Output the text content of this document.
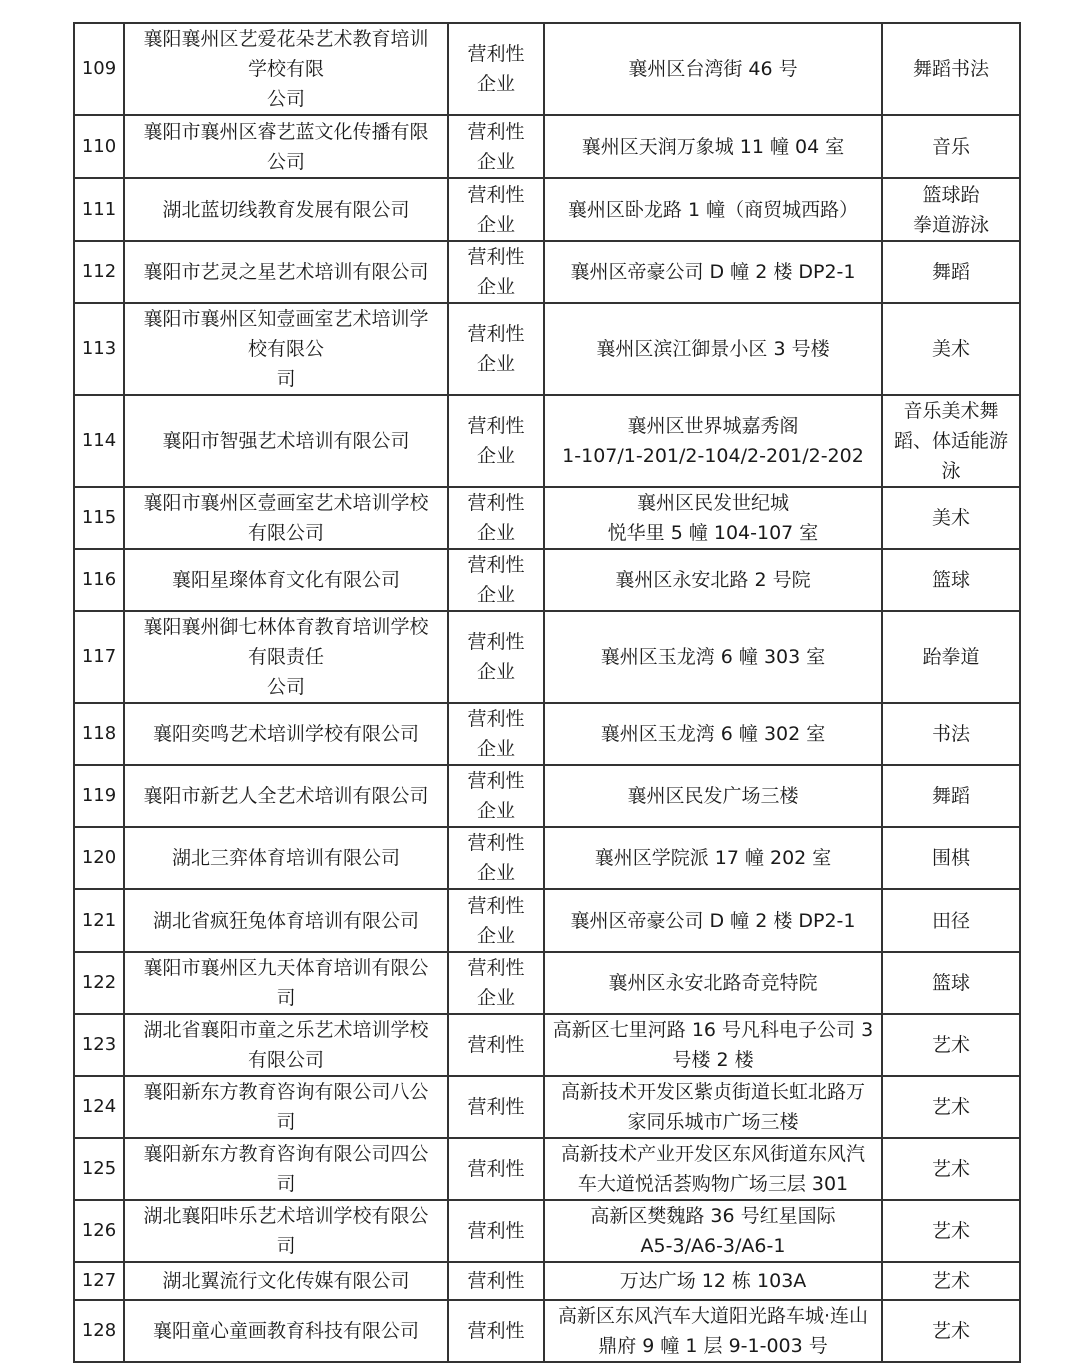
109	襄阳襄州区艺爱花朵艺术教育培训
学校有限
公司	营利性
企业	襄州区台湾街 46 号	舞蹈书法
110	襄阳市襄州区睿艺蓝文化传播有限
公司	营利性
企业	襄州区天润万象城 11 幢 04 室	音乐
111	湖北蓝切线教育发展有限公司	营利性
企业	襄州区卧龙路 1 幢（商贸城西路）	篮球跆
拳道游泳
112	襄阳市艺灵之星艺术培训有限公司	营利性
企业	襄州区帝豪公司 D 幢 2 楼 DP2-1	舞蹈
113	襄阳市襄州区知壹画室艺术培训学
校有限公
司	营利性
企业	襄州区滨江御景小区 3 号楼	美术
114	襄阳市智强艺术培训有限公司	营利性
企业	襄州区世界城嘉秀阁
1-107/1-201/2-104/2-201/2-202	音乐美术舞
蹈、体适能游
泳
115	襄阳市襄州区壹画室艺术培训学校
有限公司	营利性
企业	襄州区民发世纪城
悦华里 5 幢 104-107 室	美术
116	襄阳星璨体育文化有限公司	营利性
企业	襄州区永安北路 2 号院	篮球
117	襄阳襄州御七林体育教育培训学校
有限责任
公司	营利性
企业	襄州区玉龙湾 6 幢 303 室	跆拳道
118	襄阳奕鸣艺术培训学校有限公司	营利性
企业	襄州区玉龙湾 6 幢 302 室	书法
119	襄阳市新艺人全艺术培训有限公司	营利性
企业	襄州区民发广场三楼	舞蹈
120	湖北三弈体育培训有限公司	营利性
企业	襄州区学院派 17 幢 202 室	围棋
121	湖北省疯狂兔体育培训有限公司	营利性
企业	襄州区帝豪公司 D 幢 2 楼 DP2-1	田径
122	襄阳市襄州区九天体育培训有限公
司	营利性
企业	襄州区永安北路奇竞特院	篮球
123	湖北省襄阳市童之乐艺术培训学校
有限公司	营利性	高新区七里河路 16 号凡科电子公司 3
号楼 2 楼	艺术
124	襄阳新东方教育咨询有限公司八公
司	营利性	高新技术开发区紫贞街道长虹北路万
家同乐城市广场三楼	艺术
125	襄阳新东方教育咨询有限公司四公
司	营利性	高新技术产业开发区东风街道东风汽
车大道悦活荟购物广场三层 301	艺术
126	湖北襄阳咔乐艺术培训学校有限公
司	营利性	高新区樊魏路 36 号红星国际
A5-3/A6-3/A6-1	艺术
127	湖北翼流行文化传媒有限公司	营利性	万达广场 12 栋 103A	艺术
128	襄阳童心童画教育科技有限公司	营利性	高新区东风汽车大道阳光路车城·连山
鼎府 9 幢 1 层 9-1-003 号	艺术
